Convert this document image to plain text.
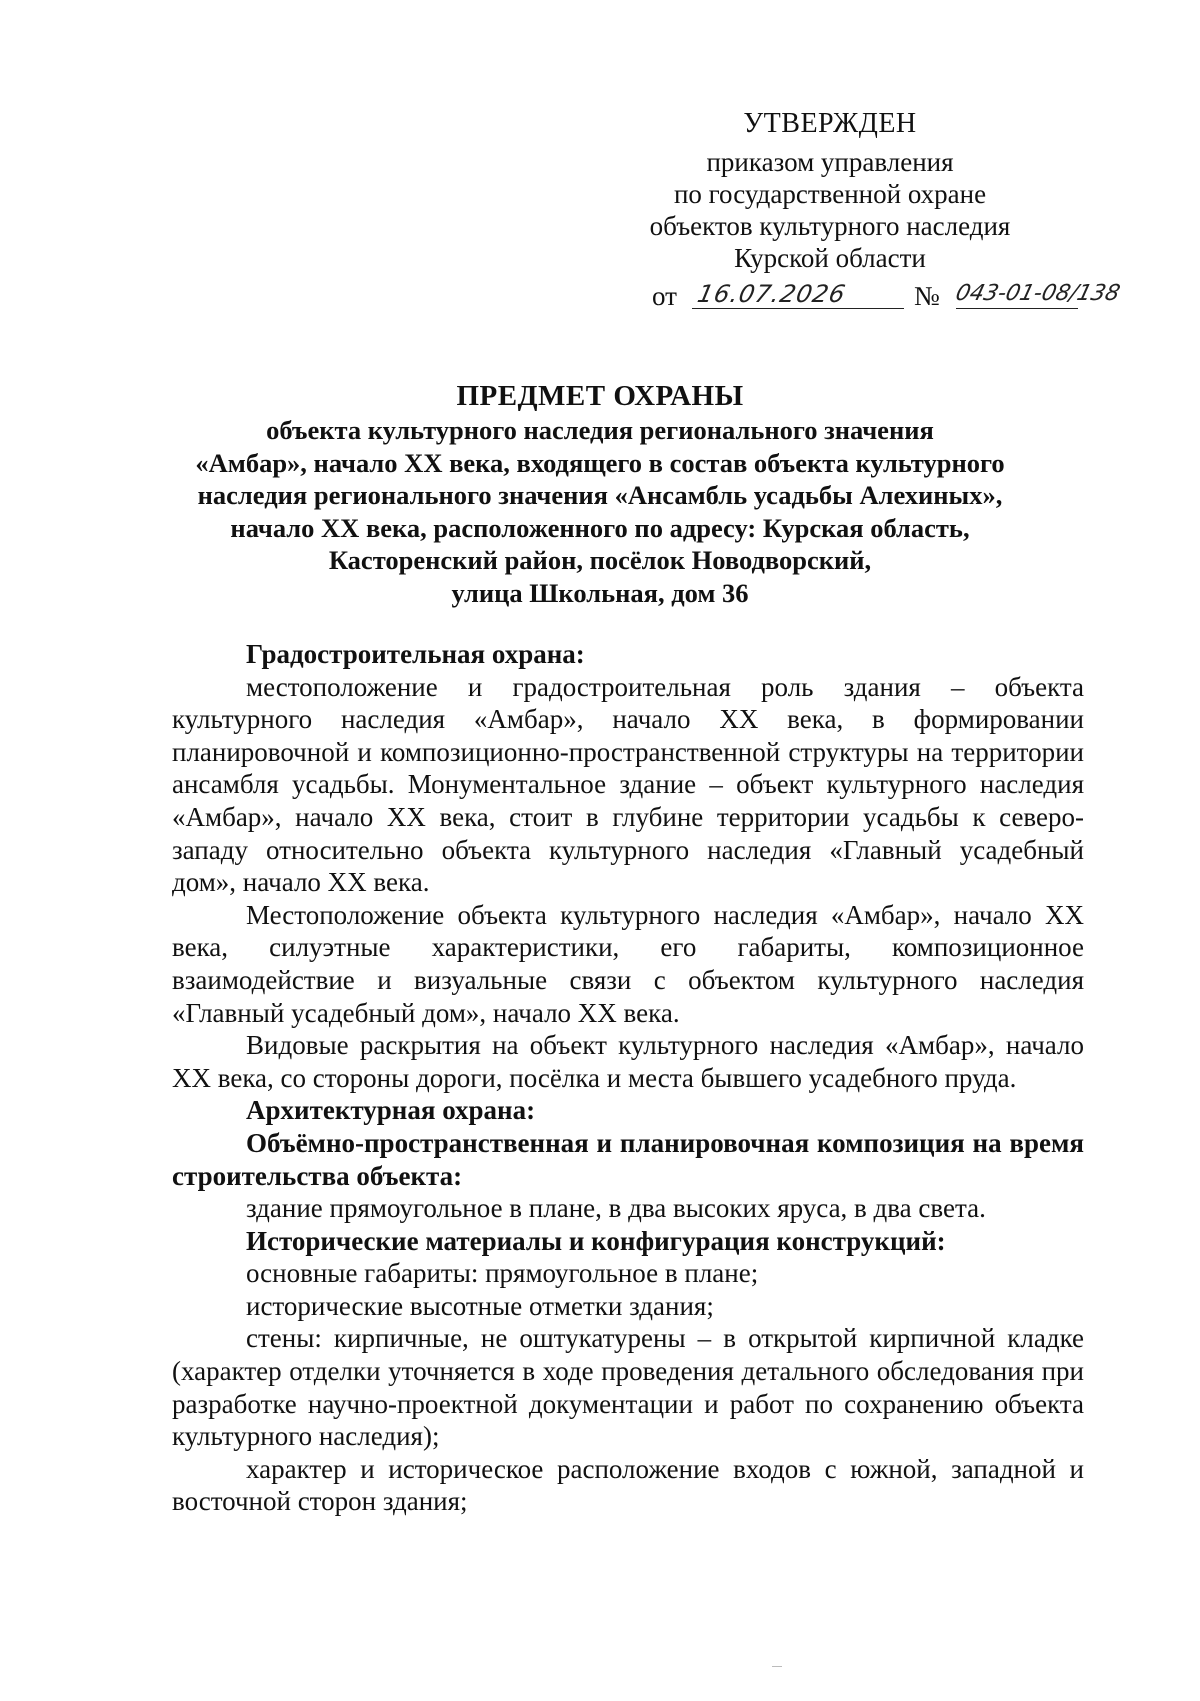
УТВЕРЖДЕН
приказом управления
по государственной охране
объектов культурного наследия
Курской области
от 16.07.2026 № 043-01-08/138
ПРЕДМЕТ ОХРАНЫ
объекта культурного наследия регионального значения
«Амбар», начало XX века, входящего в состав объекта культурного
наследия регионального значения «Ансамбль усадьбы Алехиных»,
начало XX века, расположенного по адресу: Курская область,
Касторенский район, посёлок Новодворский,
улица Школьная, дом 36

Градостроительная охрана:

местоположение и градостроительная роль здания – объекта культурного наследия «Амбар», начало XX века, в формировании планировочной и композиционно-пространственной структуры на территории ансамбля усадьбы. Монументальное здание – объект культурного наследия «Амбар», начало XX века, стоит в глубине территории усадьбы к северо-западу относительно объекта культурного наследия «Главный усадебный дом», начало XX века.

Местоположение объекта культурного наследия «Амбар», начало XX века, силуэтные характеристики, его габариты, композиционное взаимодействие и визуальные связи с объектом культурного наследия «Главный усадебный дом», начало XX века.

Видовые раскрытия на объект культурного наследия «Амбар», начало XX века, со стороны дороги, посёлка и места бывшего усадебного пруда.

Архитектурная охрана:

Объёмно-пространственная и планировочная композиция на время строительства объекта:

здание прямоугольное в плане, в два высоких яруса, в два света.

Исторические материалы и конфигурация конструкций:

основные габариты: прямоугольное в плане;

исторические высотные отметки здания;

стены: кирпичные, не оштукатурены – в открытой кирпичной кладке (характер отделки уточняется в ходе проведения детального обследования при разработке научно-проектной документации и работ по сохранению объекта культурного наследия);

характер и историческое расположение входов с южной, западной и восточной сторон здания;
